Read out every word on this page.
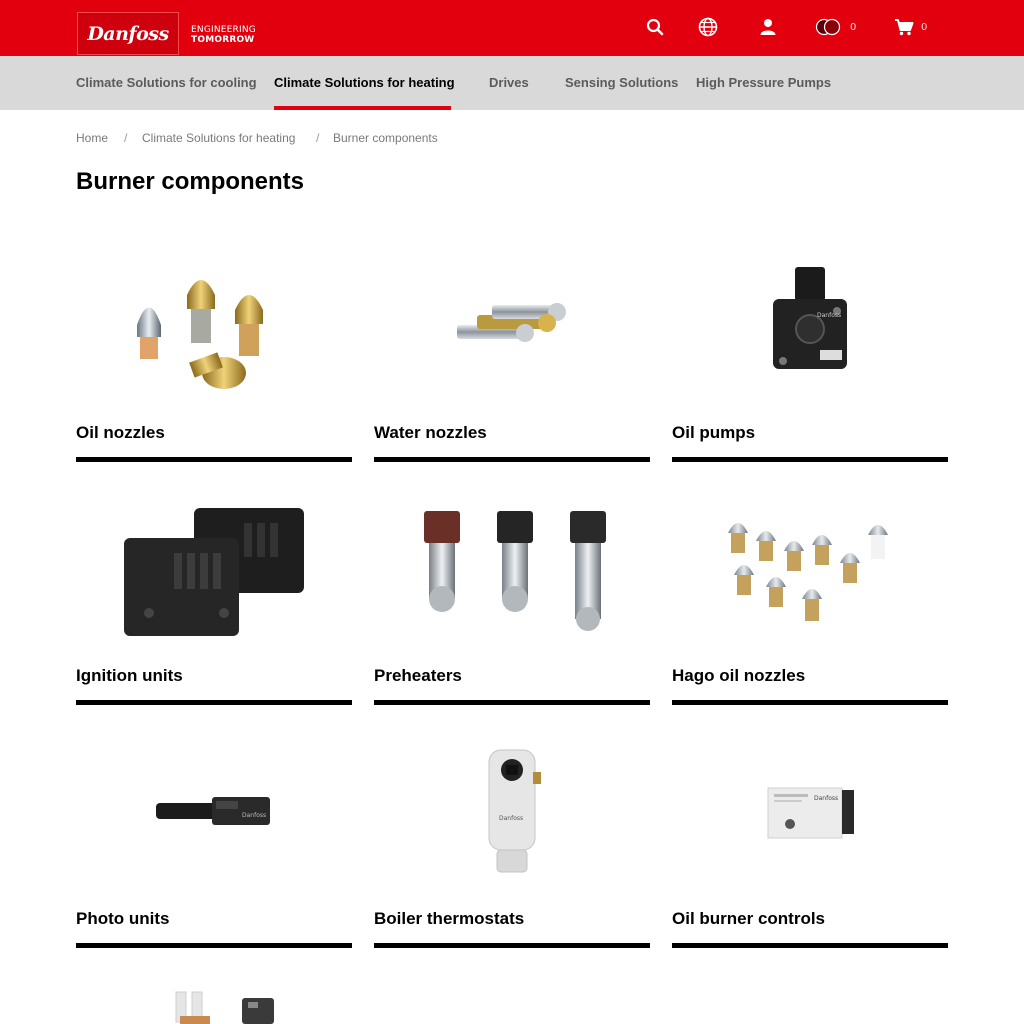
Danfoss ENGINEERING
TOMORROW
0	0
Climate Solutions for cooling Climate Solutions for heating	Drives	Sensing Solutions High Pressure Pumps
Home / Climate Solutions for heating / Burner components
Burner components
Oil nozzles	Water nozzles
Danfoss
Oil pumps
Ignition units	Preheaters	Hago oil nozzles
Danfoss
Photo units
Danfoss
Boiler thermostats
Danfoss
Oil burner controls
